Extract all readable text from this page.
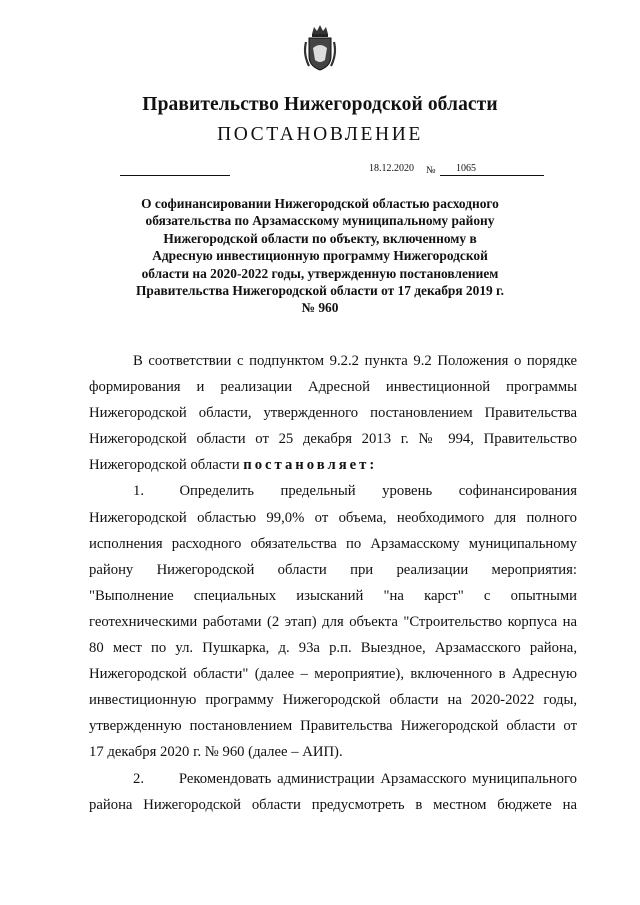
Правительство Нижегородской области
ПОСТАНОВЛЕНИЕ
18.12.2020 № 1065
О софинансировании Нижегородской областью расходного
обязательства по Арзамасскому муниципальному району
Нижегородской области по объекту, включенному в
Адресную инвестиционную программу Нижегородской
области на 2020-2022 годы, утвержденную постановлением
Правительства Нижегородской области от 17 декабря 2019 г.
№ 960
В соответствии с подпунктом 9.2.2 пункта 9.2 Положения о порядке
формирования и реализации Адресной инвестиционной программы
Нижегородской области, утвержденного постановлением Правительства
Нижегородской области от 25 декабря 2013 г. № 994, Правительство
Нижегородской области постановляет:
1.        Определить      предельный      уровень      софинансирования
Нижегородской областью 99,0% от объема, необходимого для полного
исполнения расходного обязательства по Арзамасскому муниципальному
району   Нижегородской   области   при   реализации   мероприятия:
"Выполнение   специальных   изысканий   "на   карст"   с   опытными
геотехническими работами (2 этап) для объекта "Строительство корпуса на
80 мест по ул. Пушкарка, д. 93а р.п. Выездное, Арзамасского района,
Нижегородской области" (далее – мероприятие), включенного в Адресную
инвестиционную программу Нижегородской области на 2020-2022 годы,
утвержденную постановлением Правительства Нижегородской области от
17 декабря 2020 г. № 960 (далее – АИП).
2.      Рекомендовать администрации Арзамасского муниципального
района Нижегородской области предусмотреть в местном бюджете на
